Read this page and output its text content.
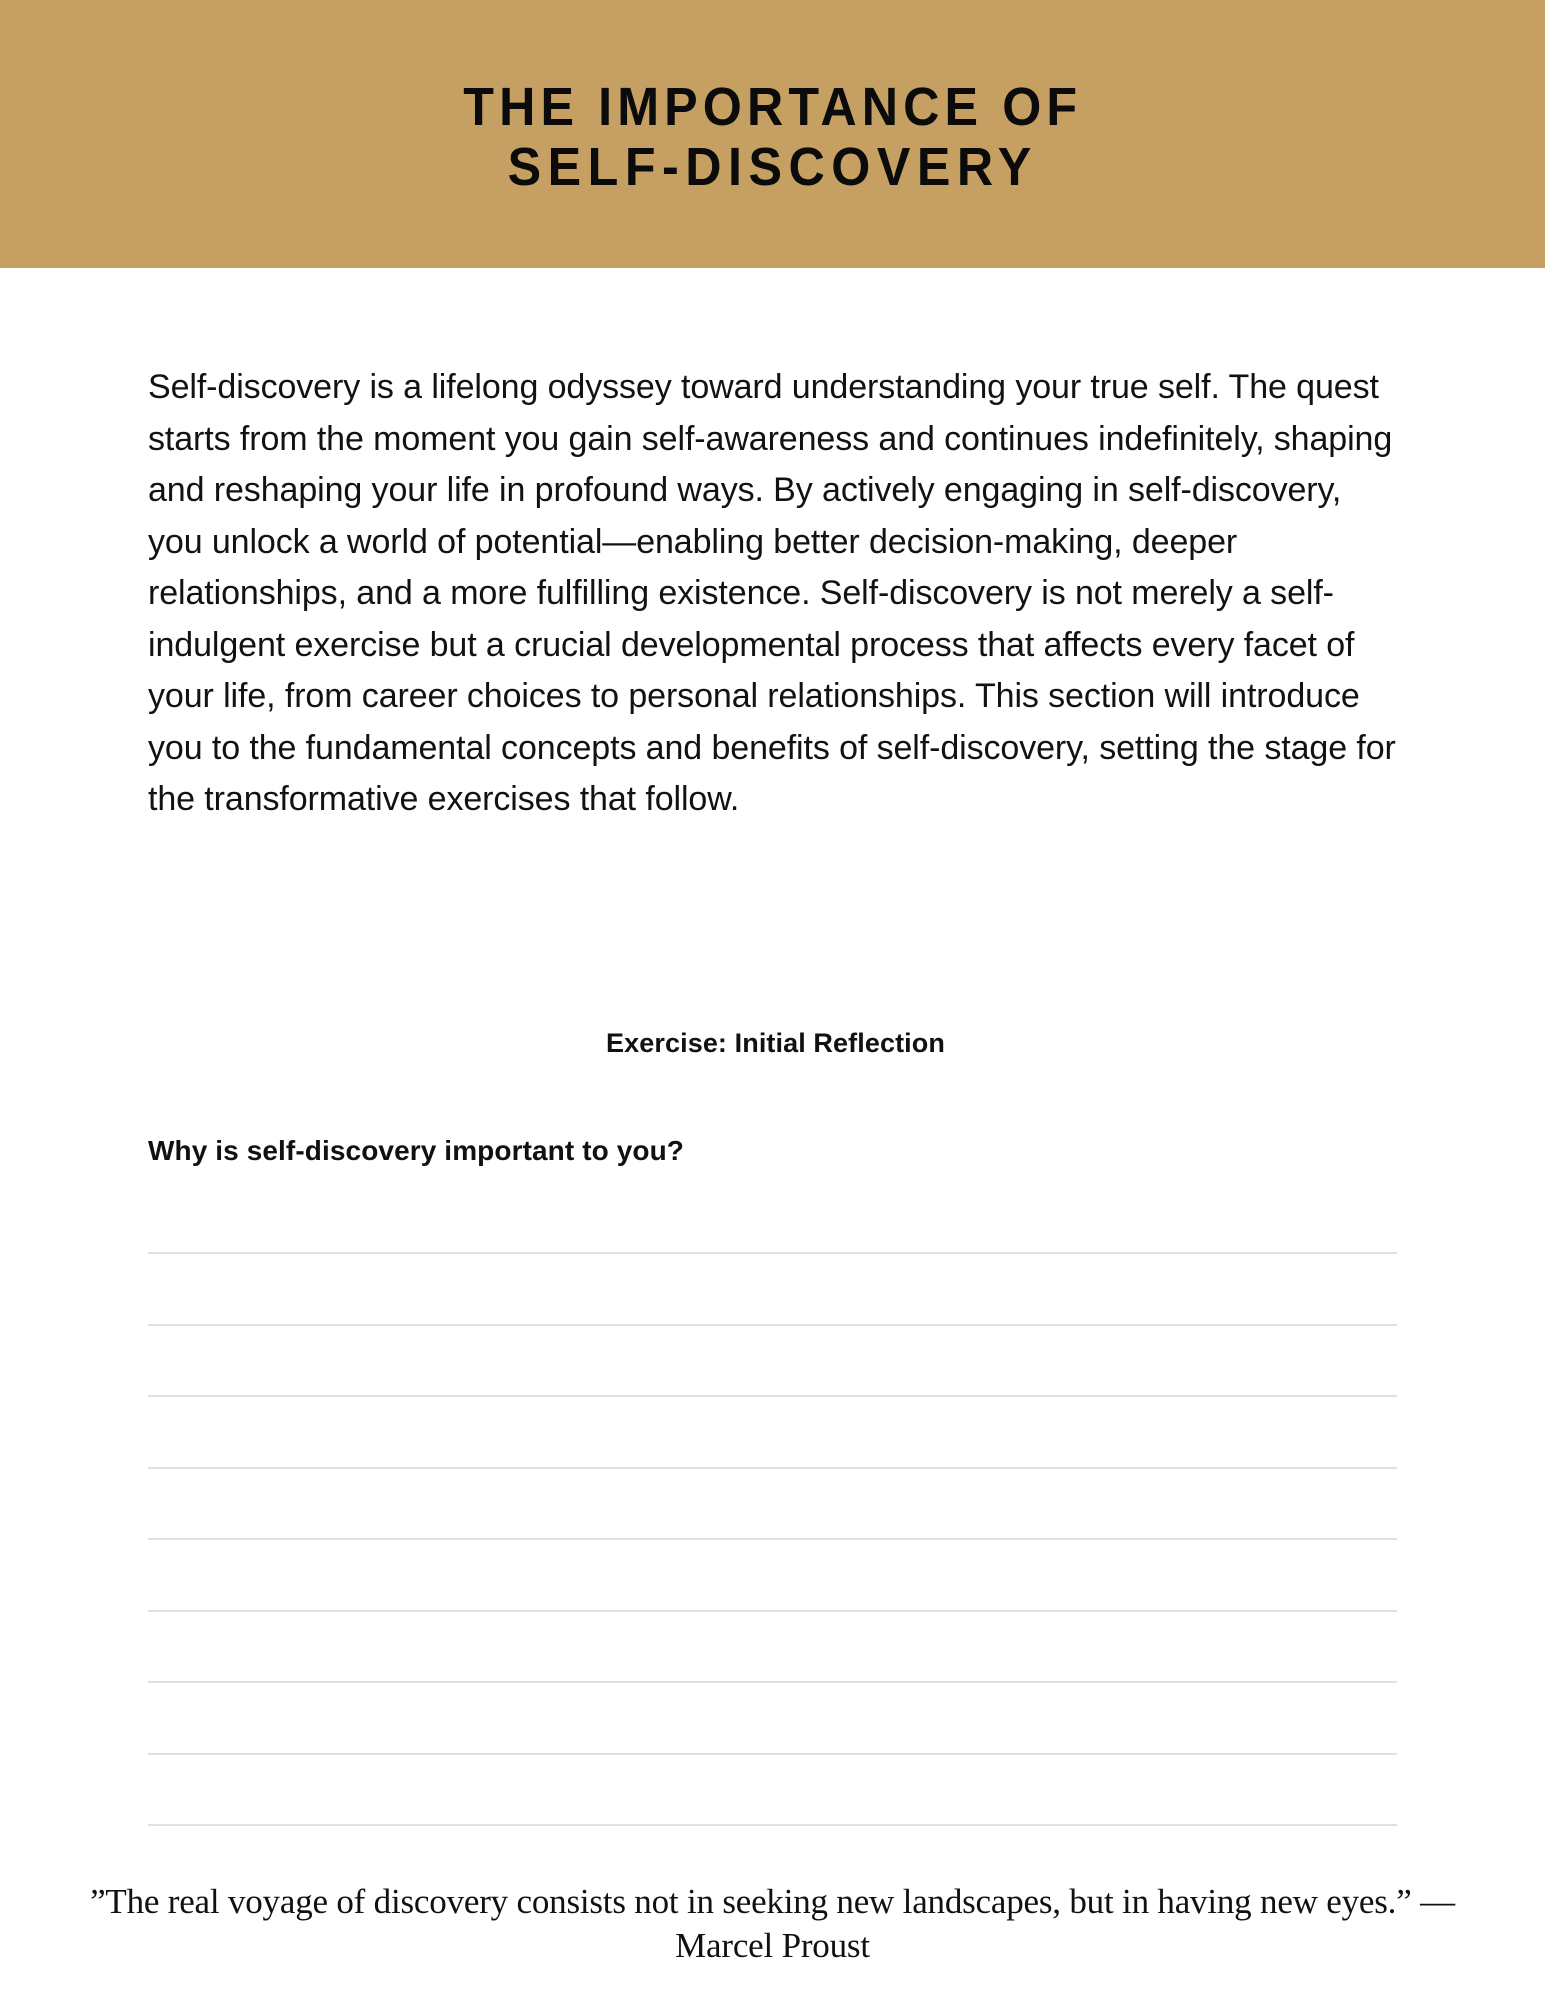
THE IMPORTANCE OF
SELF-DISCOVERY

Self-discovery is a lifelong odyssey toward understanding your true self. The quest starts from the moment you gain self-awareness and continues indefinitely, shaping and reshaping your life in profound ways. By actively engaging in self-discovery, you unlock a world of potential—enabling better decision-making, deeper relationships, and a more fulfilling existence. Self-discovery is not merely a self-indulgent exercise but a crucial developmental process that affects every facet of your life, from career choices to personal relationships. This section will introduce you to the fundamental concepts and benefits of self-discovery, setting the stage for the transformative exercises that follow.

Exercise: Initial Reflection
Why is self-discovery important to you?
”The real voyage of discovery consists not in seeking new landscapes, but in having new eyes.” — Marcel Proust
